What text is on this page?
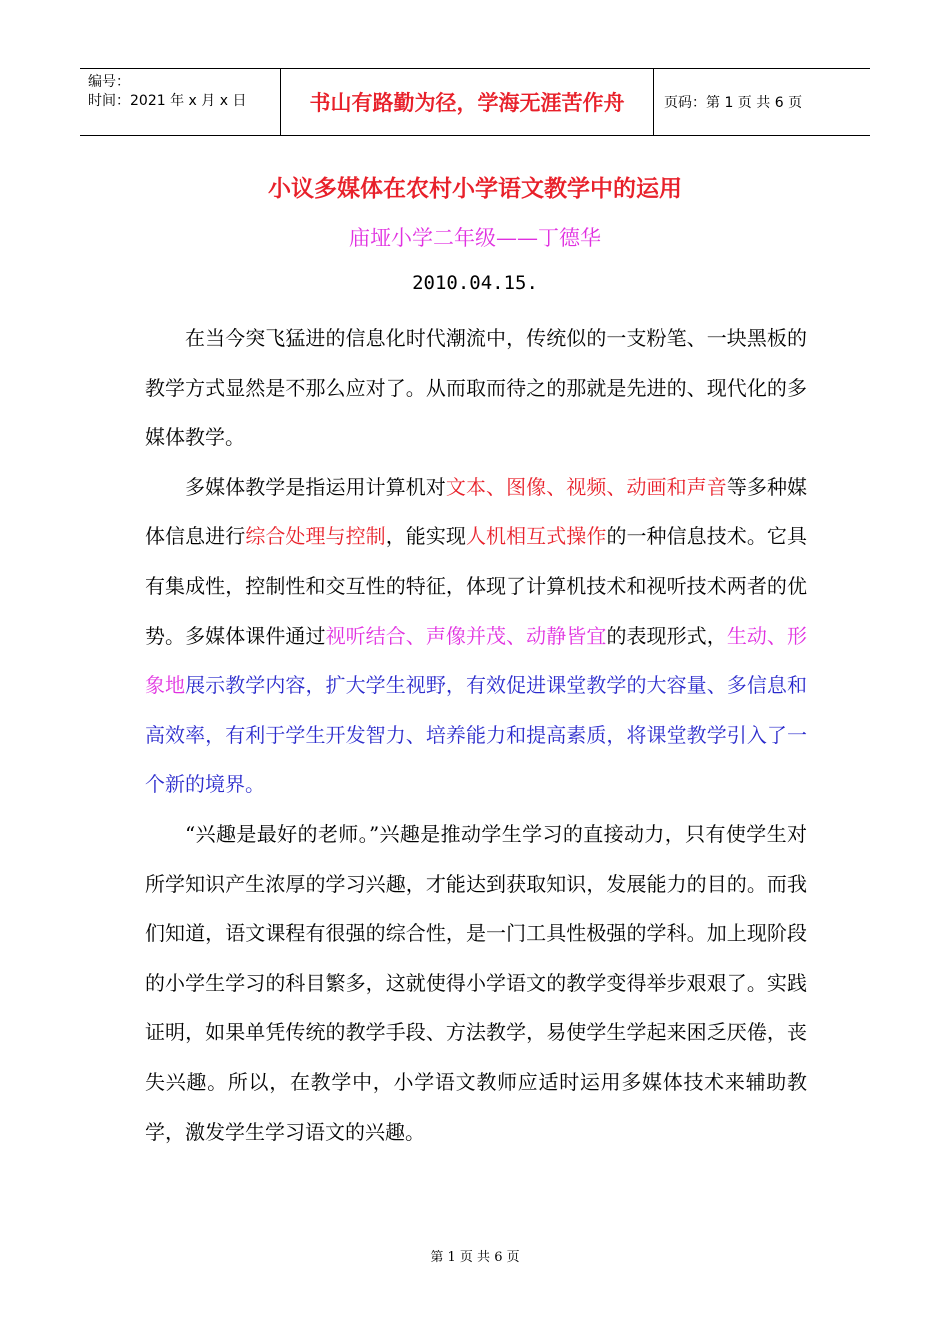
编号：
时间：2021 年 x 月 x 日	书山有路勤为径，学海无涯苦作舟	页码：第 1 页 共 6 页
小议多媒体在农村小学语文教学中的运用
庙垭小学二年级——丁德华
2010.04.15.

在当今突飞猛进的信息化时代潮流中，传统似的一支粉笔、一块黑板的教学方式显然是不那么应对了。从而取而待之的那就是先进的、现代化的多媒体教学。

多媒体教学是指运用计算机对文本、图像、视频、动画和声音等多种媒体信息进行综合处理与控制，能实现人机相互式操作的一种信息技术。它具有集成性，控制性和交互性的特征，体现了计算机技术和视听技术两者的优势。多媒体课件通过视听结合、声像并茂、动静皆宜的表现形式，生动、形象地展示教学内容，扩大学生视野，有效促进课堂教学的大容量、多信息和高效率，有利于学生开发智力、培养能力和提高素质，将课堂教学引入了一个新的境界。

“兴趣是最好的老师。”兴趣是推动学生学习的直接动力，只有使学生对所学知识产生浓厚的学习兴趣，才能达到获取知识，发展能力的目的。而我们知道，语文课程有很强的综合性，是一门工具性极强的学科。加上现阶段的小学生学习的科目繁多，这就使得小学语文的教学变得举步艰艰了。实践证明，如果单凭传统的教学手段、方法教学，易使学生学起来困乏厌倦，丧失兴趣。所以，在教学中，小学语文教师应适时运用多媒体技术来辅助教学，激发学生学习语文的兴趣。

第 1 页 共 6 页
